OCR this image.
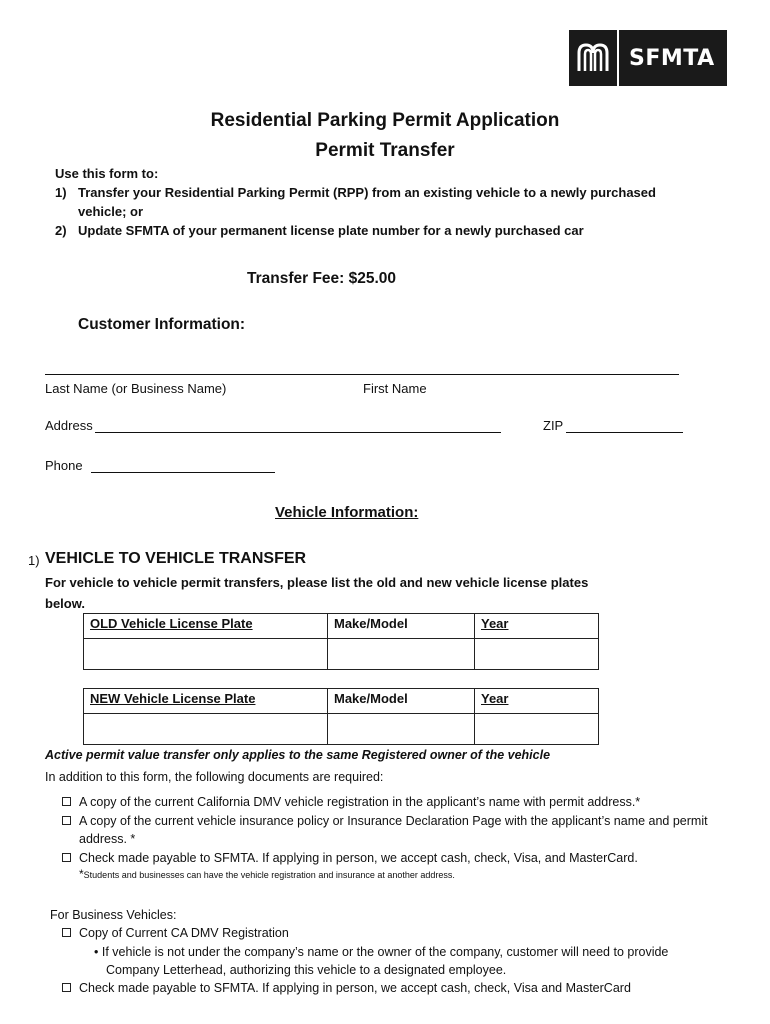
SFMTA
Residential Parking Permit Application
Permit Transfer
Use this form to:
1) Transfer your Residential Parking Permit (RPP) from an existing vehicle to a newly purchased
vehicle; or
2) Update SFMTA of your permanent license plate number for a newly purchased car
Transfer Fee: $25.00
Customer Information:
Last Name (or Business Name)	First Name
Address	ZIP
Phone
Vehicle Information:
1) VEHICLE TO VEHICLE TRANSFER
For vehicle to vehicle permit transfers, please list the old and new vehicle license plates
below.
OLD Vehicle License Plate	Make/Model	Year

NEW Vehicle License Plate	Make/Model	Year

Active permit value transfer only applies to the same Registered owner of the vehicle
In addition to this form, the following documents are required:
A copy of the current California DMV vehicle registration in the applicant’s name with permit address.*
A copy of the current vehicle insurance policy or Insurance Declaration Page with the applicant’s name and permit
address. *
Check made payable to SFMTA. If applying in person, we accept cash, check, Visa, and MasterCard.
*Students and businesses can have the vehicle registration and insurance at another address.
For Business Vehicles:
Copy of Current CA DMV Registration
• If vehicle is not under the company’s name or the owner of the company, customer will need to provide
Company Letterhead, authorizing this vehicle to a designated employee.
Check made payable to SFMTA. If applying in person, we accept cash, check, Visa and MasterCard
